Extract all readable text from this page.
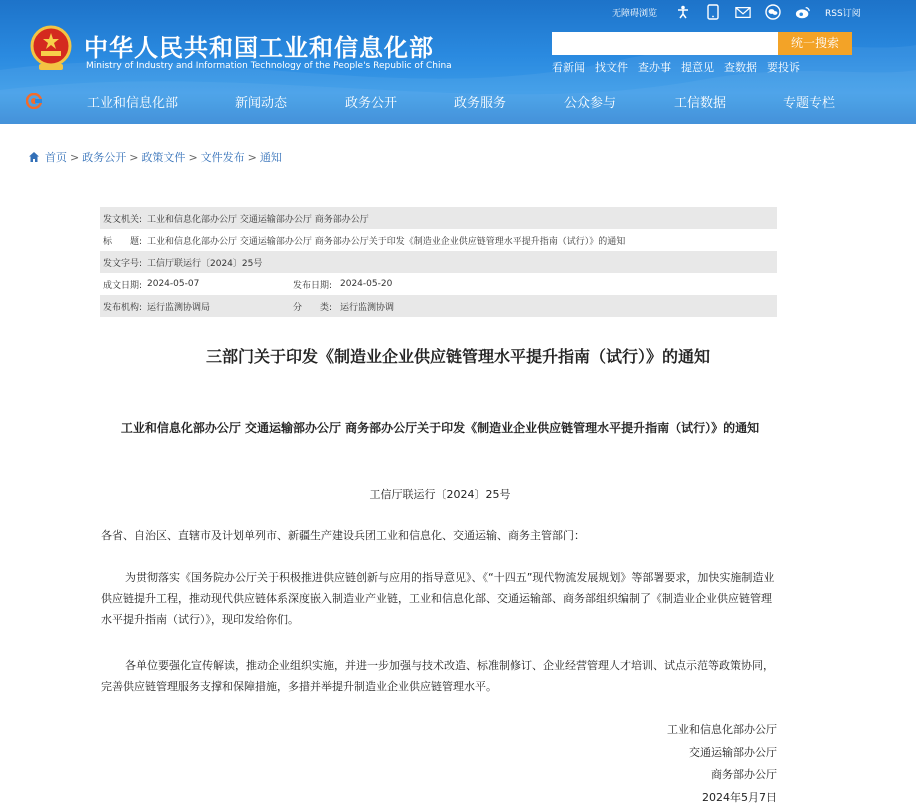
中华人民共和国工业和信息化部
Ministry of Industry and Information Technology of the People's Republic of China
无障碍浏览	RSS订阅
统一搜索
看新闻 找文件 查办事 提意见 查数据 要投诉
工业和信息化部	新闻动态	政务公开	政务服务	公众参与	工信数据	专题专栏
首页 > 政务公开 > 政策文件 > 文件发布 > 通知
发文机关: 工业和信息化部办公厅 交通运输部办公厅 商务部办公厅
标　　题: 工业和信息化部办公厅 交通运输部办公厅 商务部办公厅关于印发《制造业企业供应链管理水平提升指南（试行）》的通知
发文字号: 工信厅联运行〔2024〕25号
成文日期: 2024-05-07	发布日期: 2024-05-20
发布机构: 运行监测协调局	分　　类: 运行监测协调
三部门关于印发《制造业企业供应链管理水平提升指南（试行）》的通知
工业和信息化部办公厅 交通运输部办公厅 商务部办公厅关于印发《制造业企业供应链管理水平提升指南（试行）》的通知
工信厅联运行〔2024〕25号
各省、自治区、直辖市及计划单列市、新疆生产建设兵团工业和信息化、交通运输、商务主管部门：
为贯彻落实《国务院办公厅关于积极推进供应链创新与应用的指导意见》、《“十四五”现代物流发展规划》等部署要求，加快实施制造业供应链提升工程，推动现代供应链体系深度嵌入制造业产业链，工业和信息化部、交通运输部、商务部组织编制了《制造业企业供应链管理水平提升指南（试行）》，现印发给你们。
各单位要强化宣传解读，推动企业组织实施，并进一步加强与技术改造、标准制修订、企业经营管理人才培训、试点示范等政策协同，完善供应链管理服务支撑和保障措施，多措并举提升制造业企业供应链管理水平。
工业和信息化部办公厅
交通运输部办公厅
商务部办公厅
2024年5月7日
